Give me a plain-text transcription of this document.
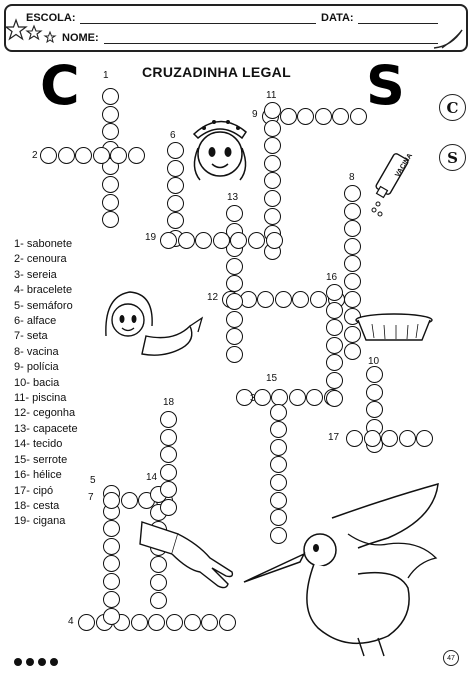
ESCOLA:	DATA:
NOME:
C	CRUZADINHA LEGAL S	C
S
1
2
3
4
5
6
7
8
9
10
11
12
13
14
15
16
17
18
19
1- sabonete
2- cenoura
3- sereia
4- bracelete
5- semáforo
6- alface
7- seta
8- vacina
9- polícia
10- bacia
11- piscina
12- cegonha
13- capacete
14- tecido
15- serrote
16- hélice
17- cipó
18- cesta
19- cigana
VACINA
47
